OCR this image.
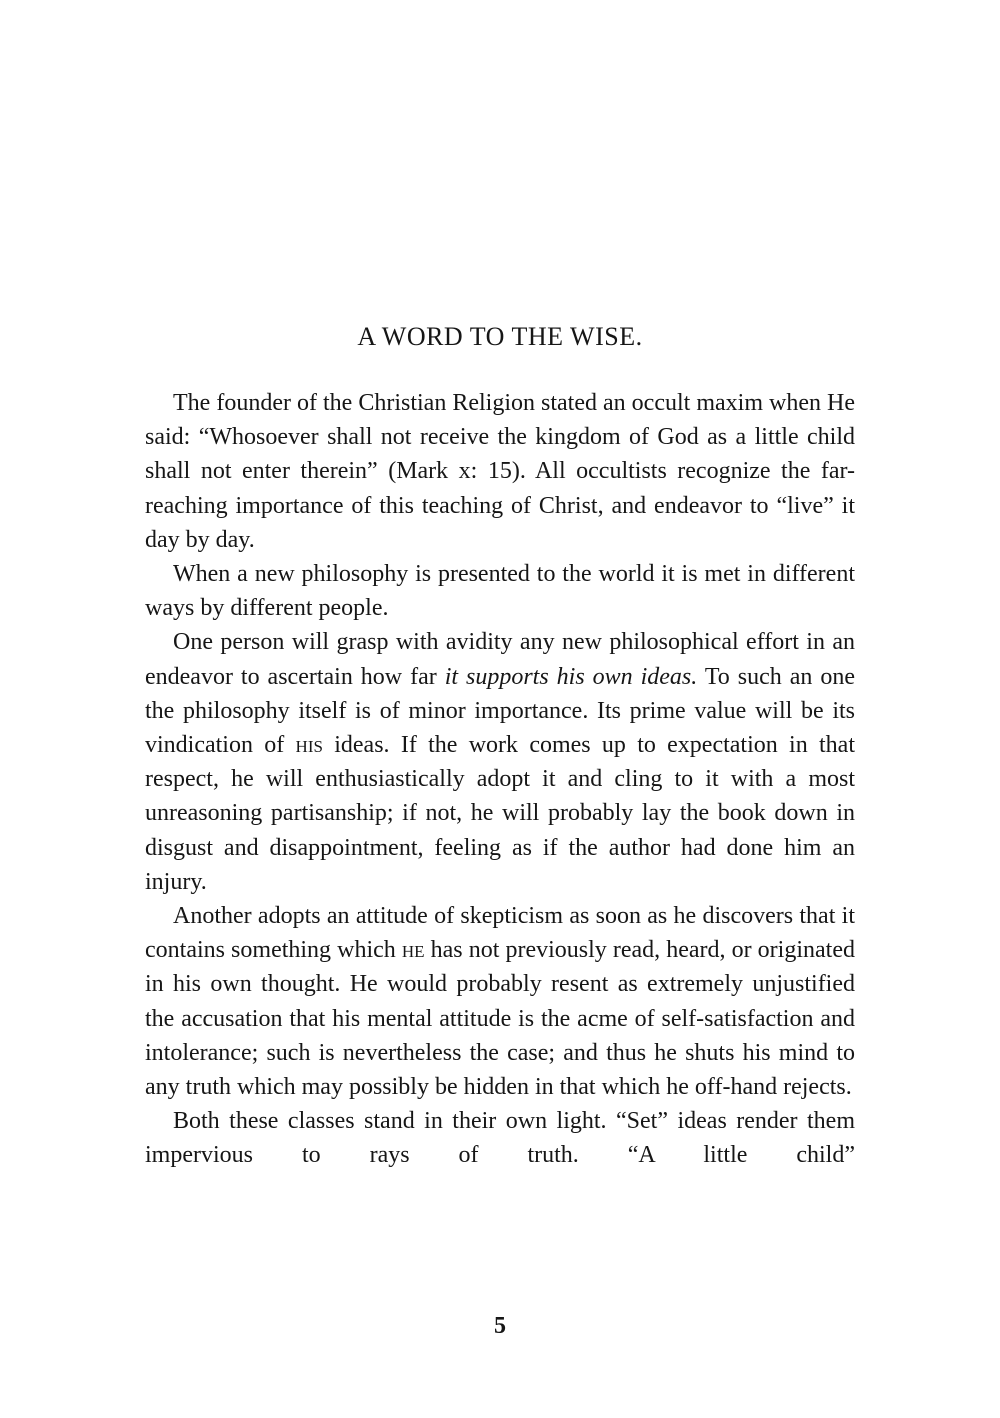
A WORD TO THE WISE.

The founder of the Christian Religion stated an occult maxim when He said: “Whosoever shall not receive the kingdom of God as a little child shall not enter therein” (Mark x: 15). All occultists recognize the far-reaching importance of this teaching of Christ, and endeavor to “live” it day by day.

When a new philosophy is presented to the world it is met in different ways by different people.

One person will grasp with avidity any new philosophical effort in an endeavor to ascertain how far it supports his own ideas. To such an one the philosophy itself is of minor importance. Its prime value will be its vindication of his ideas. If the work comes up to expectation in that respect, he will enthusiastically adopt it and cling to it with a most unreasoning partisanship; if not, he will probably lay the book down in disgust and disappointment, feeling as if the author had done him an injury.

Another adopts an attitude of skepticism as soon as he discovers that it contains something which he has not previously read, heard, or originated in his own thought. He would probably resent as extremely unjustified the accusation that his mental attitude is the acme of self-satisfaction and intolerance; such is nevertheless the case; and thus he shuts his mind to any truth which may possibly be hidden in that which he off-hand rejects.

Both these classes stand in their own light. “Set” ideas render them impervious to rays of truth. “A little child”

5
